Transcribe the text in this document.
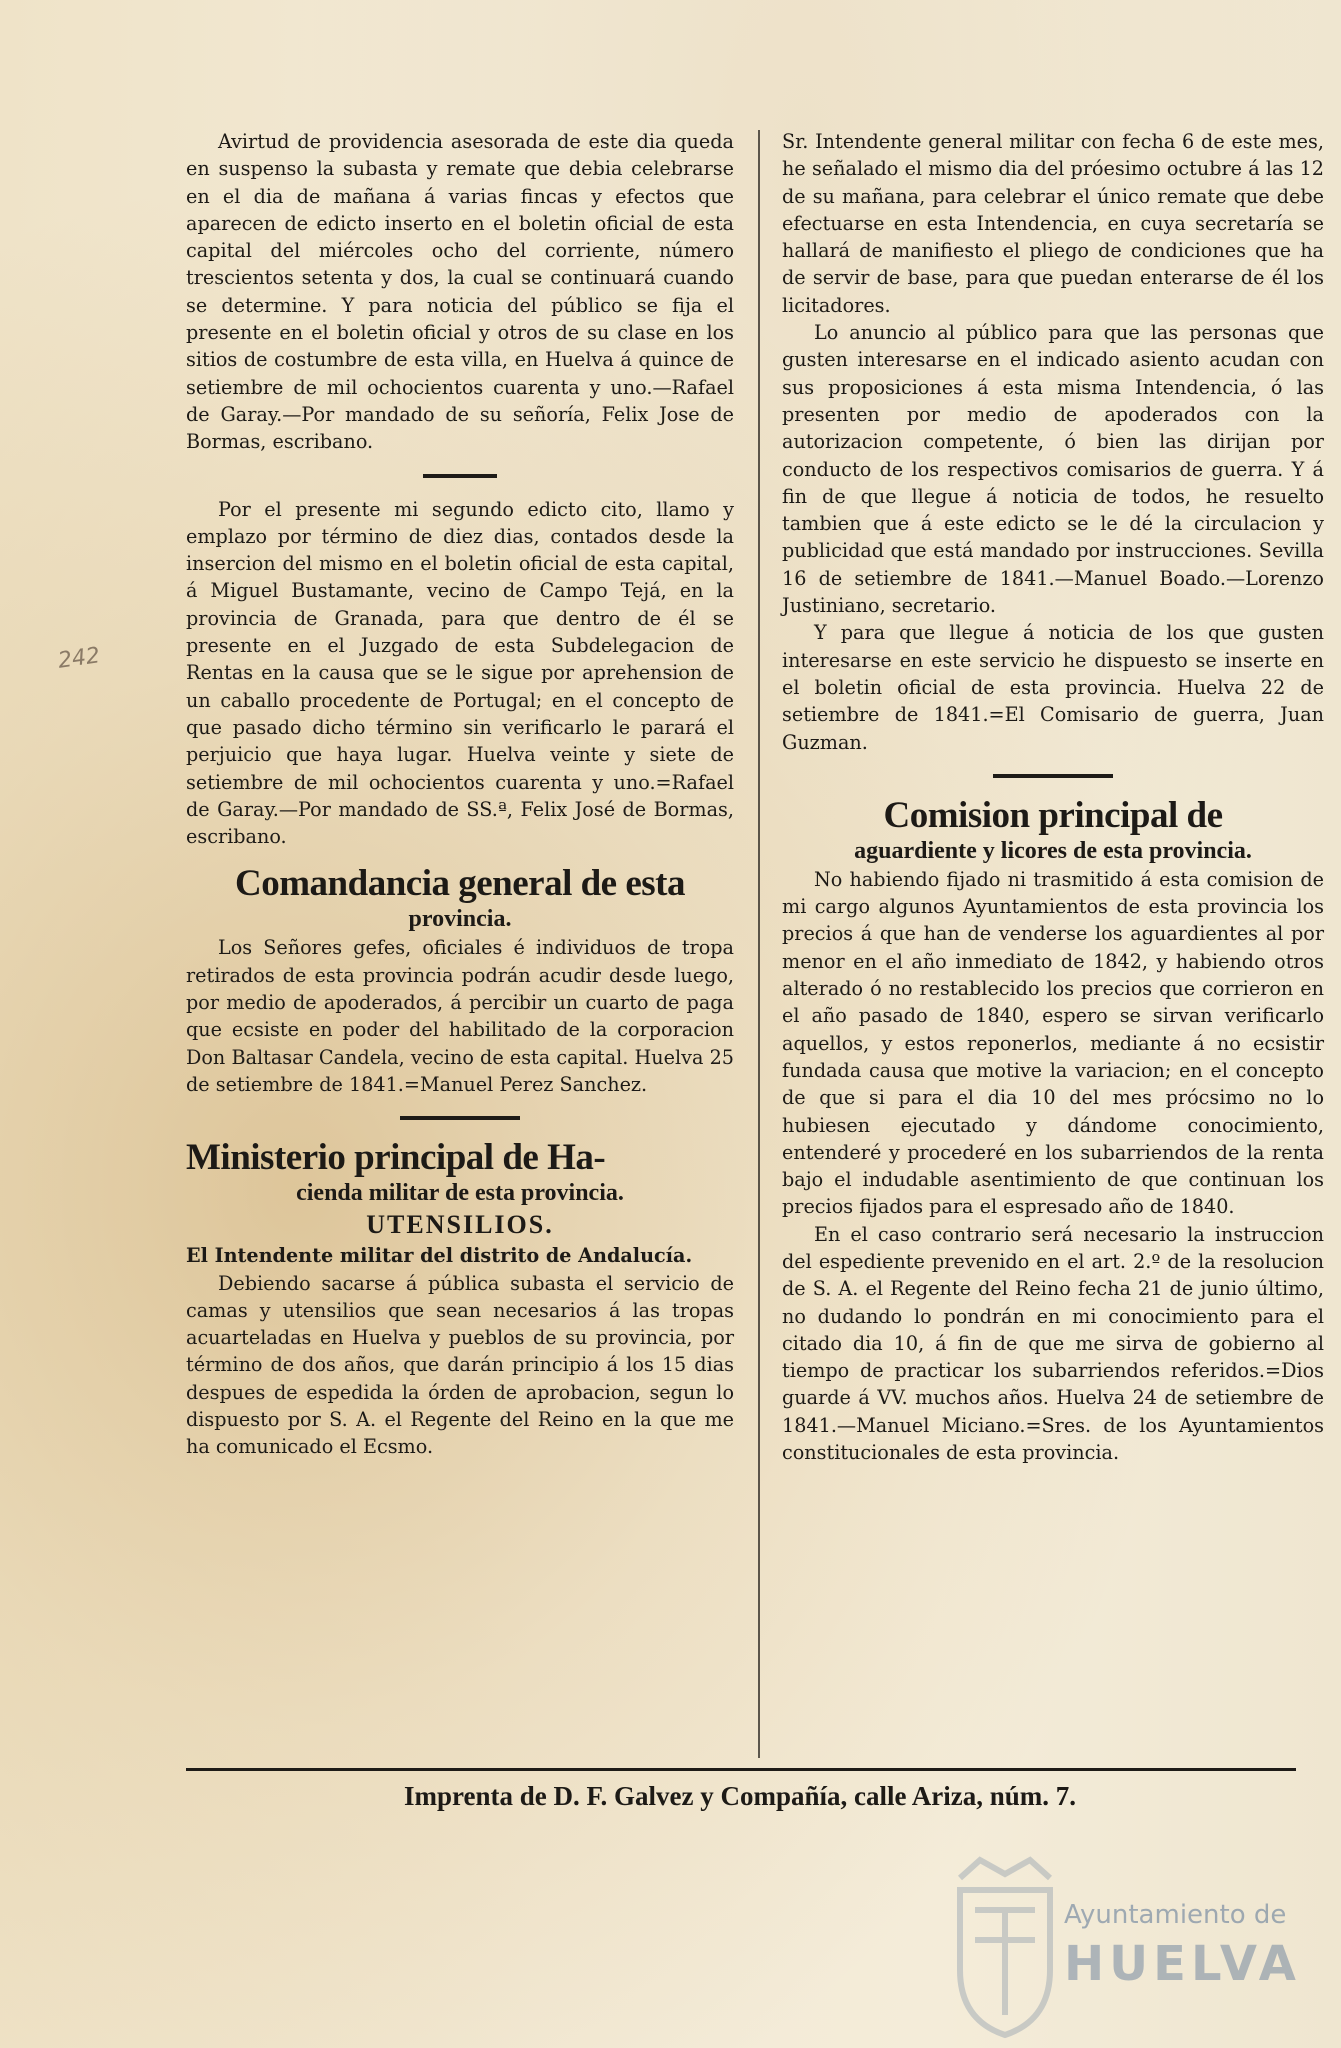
Avirtud de providencia asesorada de este dia queda en suspenso la subasta y remate que debia celebrarse en el dia de mañana á varias fincas y efectos que aparecen de edicto inserto en el boletin oficial de esta capital del miércoles ocho del corriente, número trescientos setenta y dos, la cual se continuará cuando se determine. Y para noticia del público se fija el presente en el boletin oficial y otros de su clase en los sitios de costumbre de esta villa, en Huelva á quince de setiembre de mil ochocientos cuarenta y uno.—Rafael de Garay.—Por mandado de su señoría, Felix Jose de Bormas, escribano.

Por el presente mi segundo edicto cito, llamo y emplazo por término de diez dias, contados desde la insercion del mismo en el boletin oficial de esta capital, á Miguel Bustamante, vecino de Campo Tejá, en la provincia de Granada, para que dentro de él se presente en el Juzgado de esta Subdelegacion de Rentas en la causa que se le sigue por aprehension de un caballo procedente de Portugal; en el concepto de que pasado dicho término sin verificarlo le parará el perjuicio que haya lugar. Huelva veinte y siete de setiembre de mil ochocientos cuarenta y uno.=Rafael de Garay.—Por mandado de SS.ª, Felix José de Bormas, escribano.

Comandancia general de esta
provincia.

Los Señores gefes, oficiales é individuos de tropa retirados de esta provincia podrán acudir desde luego, por medio de apoderados, á percibir un cuarto de paga que ecsiste en poder del habilitado de la corporacion Don Baltasar Candela, vecino de esta capital. Huelva 25 de setiembre de 1841.=Manuel Perez Sanchez.

Ministerio principal de Ha-
cienda militar de esta provincia.
UTENSILIOS.

El Intendente militar del distrito de Andalucía.

Debiendo sacarse á pública subasta el servicio de camas y utensilios que sean necesarios á las tropas acuarteladas en Huelva y pueblos de su provincia, por término de dos años, que darán principio á los 15 dias despues de espedida la órden de aprobacion, segun lo dispuesto por S. A. el Regente del Reino en la que me ha comunicado el Ecsmo.

Sr. Intendente general militar con fecha 6 de este mes, he señalado el mismo dia del próesimo octubre á las 12 de su mañana, para celebrar el único remate que debe efectuarse en esta Intendencia, en cuya secretaría se hallará de manifiesto el pliego de condiciones que ha de servir de base, para que puedan enterarse de él los licitadores.

Lo anuncio al público para que las personas que gusten interesarse en el indicado asiento acudan con sus proposiciones á esta misma Intendencia, ó las presenten por medio de apoderados con la autorizacion competente, ó bien las dirijan por conducto de los respectivos comisarios de guerra. Y á fin de que llegue á noticia de todos, he resuelto tambien que á este edicto se le dé la circulacion y publicidad que está mandado por instrucciones. Sevilla 16 de setiembre de 1841.—Manuel Boado.—Lorenzo Justiniano, secretario.

Y para que llegue á noticia de los que gusten interesarse en este servicio he dispuesto se inserte en el boletin oficial de esta provincia. Huelva 22 de setiembre de 1841.=El Comisario de guerra, Juan Guzman.

Comision principal de
aguardiente y licores de esta provincia.

No habiendo fijado ni trasmitido á esta comision de mi cargo algunos Ayuntamientos de esta provincia los precios á que han de venderse los aguardientes al por menor en el año inmediato de 1842, y habiendo otros alterado ó no restablecido los precios que corrieron en el año pasado de 1840, espero se sirvan verificarlo aquellos, y estos reponerlos, mediante á no ecsistir fundada causa que motive la variacion; en el concepto de que si para el dia 10 del mes prócsimo no lo hubiesen ejecutado y dándome conocimiento, entenderé y procederé en los subarriendos de la renta bajo el indudable asentimiento de que continuan los precios fijados para el espresado año de 1840.

En el caso contrario será necesario la instruccion del espediente prevenido en el art. 2.º de la resolucion de S. A. el Regente del Reino fecha 21 de junio último, no dudando lo pondrán en mi conocimiento para el citado dia 10, á fin de que me sirva de gobierno al tiempo de practicar los subarriendos referidos.=Dios guarde á VV. muchos años. Huelva 24 de setiembre de 1841.—Manuel Miciano.=Sres. de los Ayuntamientos constitucionales de esta provincia.

Imprenta de D. F. Galvez y Compañía, calle Ariza, núm. 7.
242
Ayuntamiento de
HUELVA
